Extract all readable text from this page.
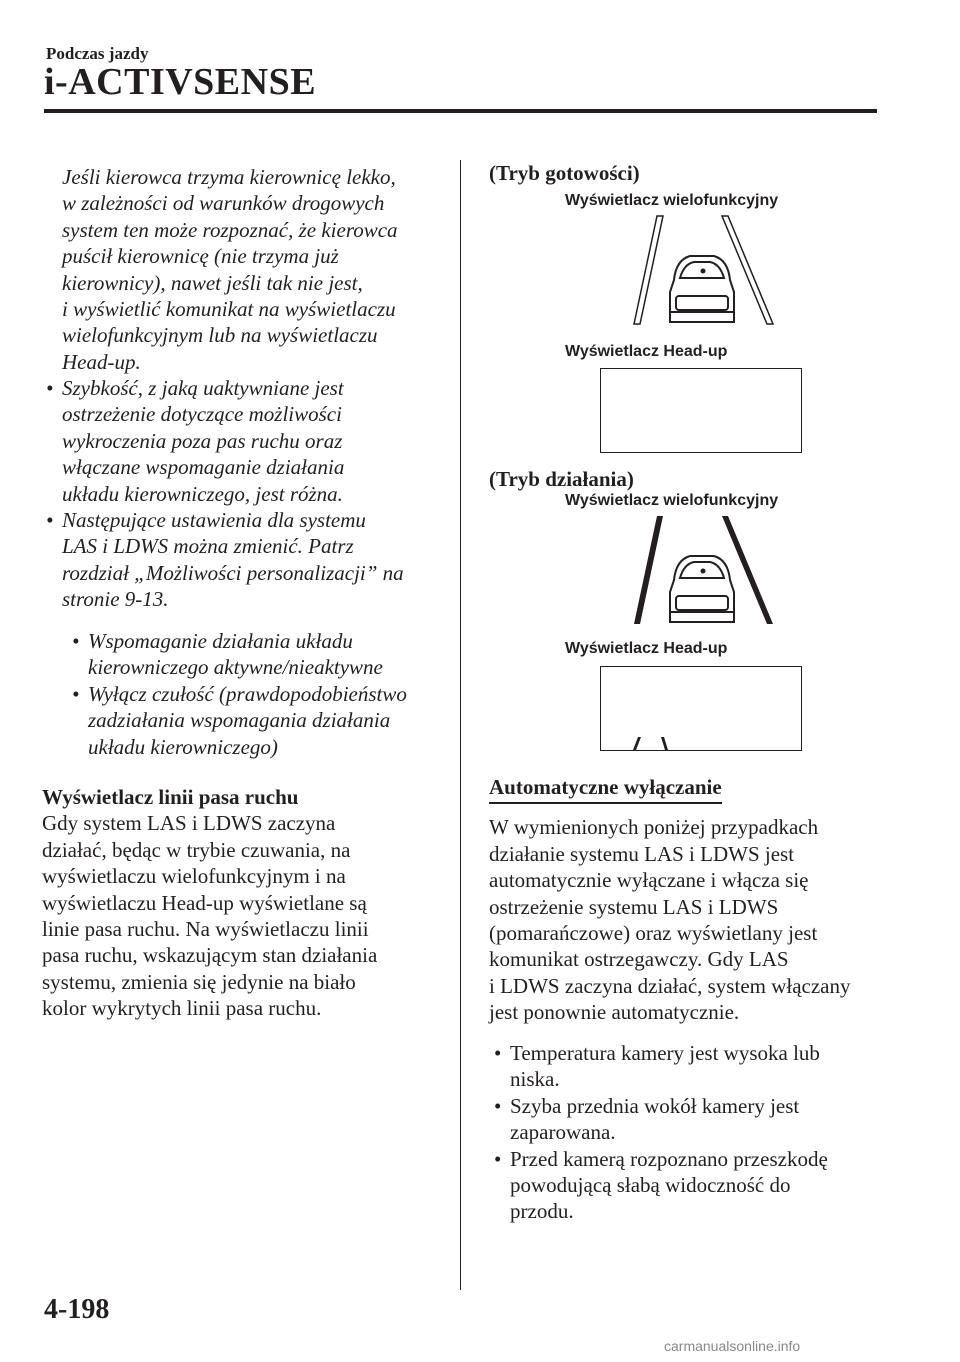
Podczas jazdy
i-ACTIVSENSE

Jeśli kierowca trzyma kierownicę lekko,

w zależności od warunków drogowych

system ten może rozpoznać, że kierowca

puścił kierownicę (nie trzyma już

kierownicy), nawet jeśli tak nie jest,

i wyświetlić komunikat na wyświetlaczu

wielofunkcyjnym lub na wyświetlaczu

Head-up.

• Szybkość, z jaką uaktywniane jest

ostrzeżenie dotyczące możliwości

wykroczenia poza pas ruchu oraz

włączane wspomaganie działania

układu kierowniczego, jest różna.

• Następujące ustawienia dla systemu

LAS i LDWS można zmienić. Patrz

rozdział „Możliwości personalizacji” na

stronie 9-13.

• Wspomaganie działania układu

kierowniczego aktywne/nieaktywne

• Wyłącz czułość (prawdopodobieństwo

zadziałania wspomagania działania

układu kierowniczego)

Wyświetlacz linii pasa ruchu

Gdy system LAS i LDWS zaczyna

działać, będąc w trybie czuwania, na

wyświetlaczu wielofunkcyjnym i na

wyświetlaczu Head-up wyświetlane są

linie pasa ruchu. Na wyświetlaczu linii

pasa ruchu, wskazującym stan działania

systemu, zmienia się jedynie na biało

kolor wykrytych linii pasa ruchu.

(Tryb gotowości)
Wyświetlacz wielofunkcyjny
Wyświetlacz Head-up
(Tryb działania)
Wyświetlacz wielofunkcyjny
Wyświetlacz Head-up

Automatyczne wyłączanie

W wymienionych poniżej przypadkach

działanie systemu LAS i LDWS jest

automatycznie wyłączane i włącza się

ostrzeżenie systemu LAS i LDWS

(pomarańczowe) oraz wyświetlany jest

komunikat ostrzegawczy. Gdy LAS

i LDWS zaczyna działać, system włączany

jest ponownie automatycznie.

• Temperatura kamery jest wysoka lub

niska.

• Szyba przednia wokół kamery jest

zaparowana.

• Przed kamerą rozpoznano przeszkodę

powodującą słabą widoczność do

przodu.

4-198
carmanualsonline.info
